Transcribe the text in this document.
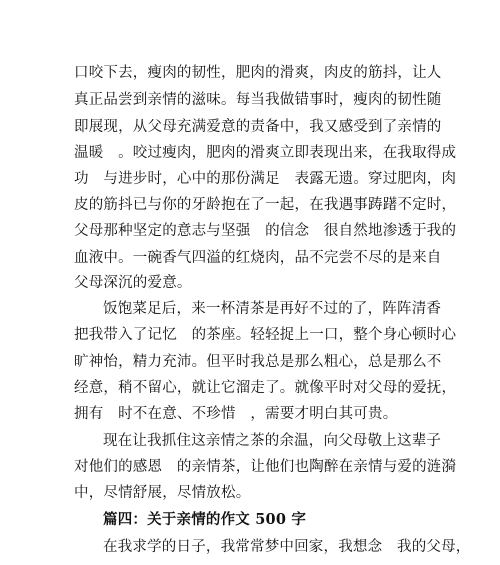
口咬下去，瘦肉的韧性，肥肉的滑爽，肉皮的筋抖，让人
真正品尝到亲情的滋味。每当我做错事时，瘦肉的韧性随
即展现，从父母充满爱意的责备中，我又感受到了亲情的
温暖　。咬过瘦肉，肥肉的滑爽立即表现出来，在我取得成
功　与进步时，心中的那份满足　表露无遗。穿过肥肉，肉
皮的筋抖已与你的牙龄抱在了一起，在我遇事踌躇不定时，
父母那种坚定的意志与坚强　的信念　很自然地渗透于我的
血液中。一碗香气四溢的红烧肉，品不完尝不尽的是来自
父母深沉的爱意。
饭饱菜足后，来一杯清茶是再好不过的了，阵阵清香
把我带入了记忆　的茶座。轻轻捉上一口，整个身心顿时心
旷神怡，精力充沛。但平时我总是那么粗心，总是那么不
经意，稍不留心，就让它溜走了。就像平时对父母的爱抚，
拥有　时不在意、不珍惜　，需要才明白其可贵。
现在让我抓住这亲情之茶的余温，向父母敬上这辈子
对他们的感恩　的亲情茶，让他们也陶醉在亲情与爱的涟漪
中，尽情舒展，尽情放松。
篇四：关于亲情的作文 500 字
在我求学的日子，我常常梦中回家，我想念　我的父母，
